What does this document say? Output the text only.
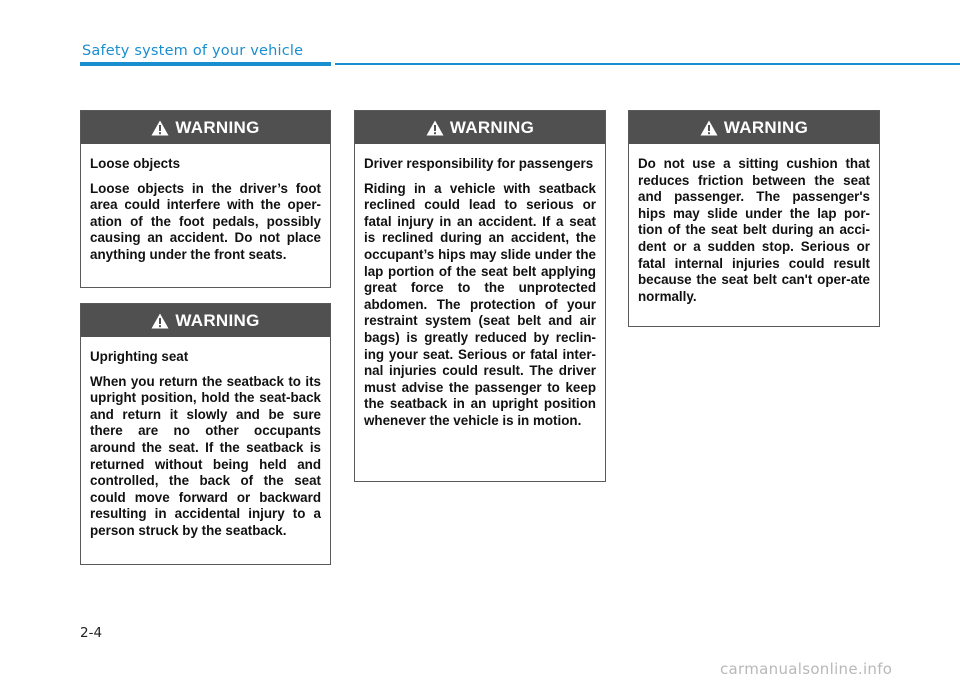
Safety system of your vehicle
WARNING

Loose objects

Loose objects in the driver’s foot area could interfere with the oper-ation of the foot pedals, possibly causing an accident. Do not place anything under the front seats.

WARNING

Uprighting seat

When you return the seatback to its upright position, hold the seat-back and return it slowly and be sure there are no other occupants around the seat. If the seatback is returned without being held and controlled, the back of the seat could move forward or backward resulting in accidental injury to a person struck by the seatback.

WARNING

Driver responsibility for passengers

Riding in a vehicle with seatback reclined could lead to serious or fatal injury in an accident. If a seat is reclined during an accident, the occupant’s hips may slide under the lap portion of the seat belt applying great force to the unprotected abdomen. The protection of your restraint system (seat belt and air bags) is greatly reduced by reclin-ing your seat. Serious or fatal inter-nal injuries could result. The driver must advise the passenger to keep the seatback in an upright position whenever the vehicle is in motion.

WARNING

Do not use a sitting cushion that reduces friction between the seat and passenger. The passenger's hips may slide under the lap por-tion of the seat belt during an acci-dent or a sudden stop. Serious or fatal internal injuries could result because the seat belt can't oper-ate normally.

2-4
carmanualsonline.info
